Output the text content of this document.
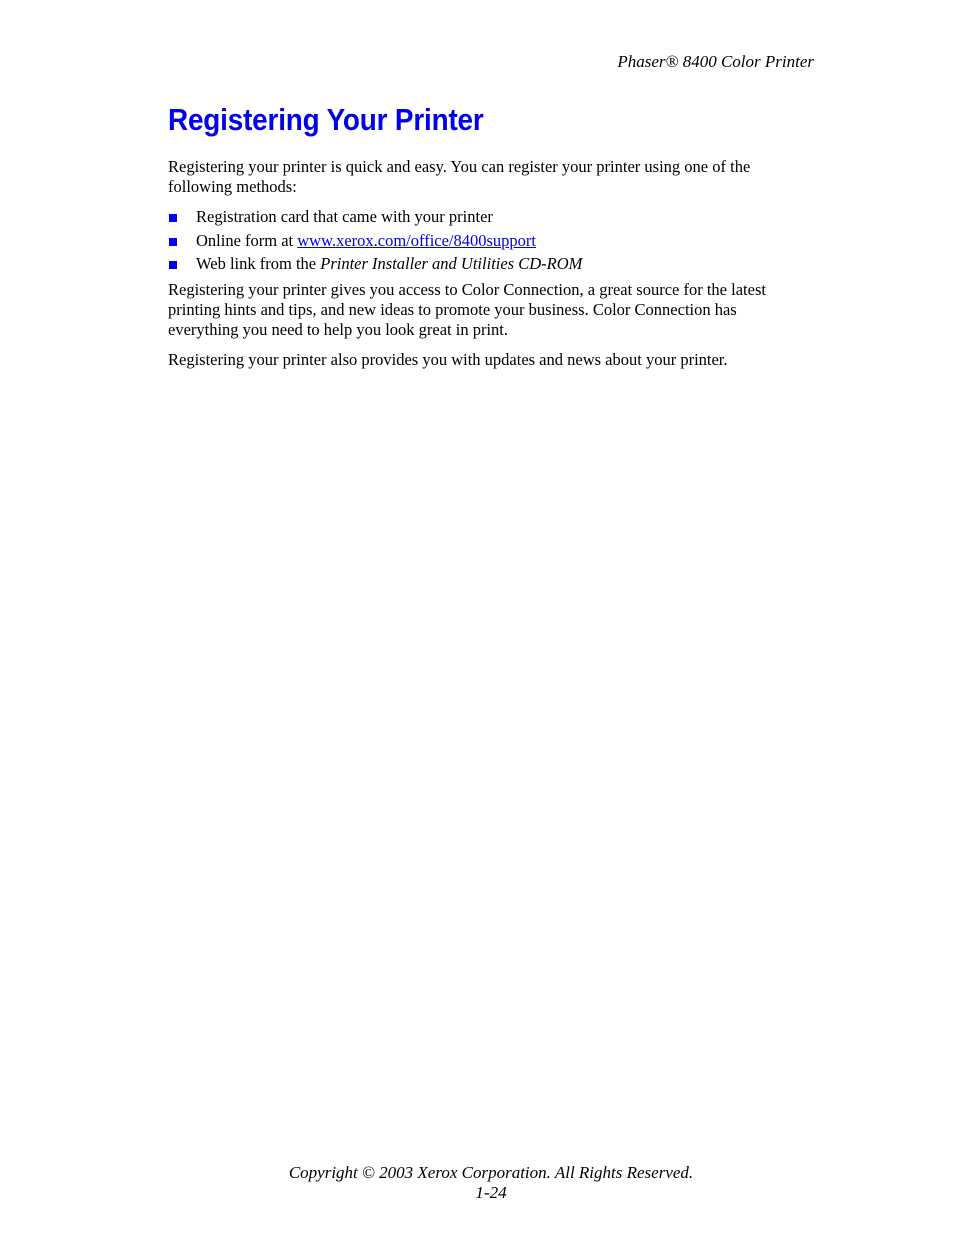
Phaser® 8400 Color Printer
Registering Your Printer

Registering your printer is quick and easy. You can register your printer using one of the following methods:

Registration card that came with your printer
Online form at www.xerox.com/office/8400support
Web link from the Printer Installer and Utilities CD-ROM

Registering your printer gives you access to Color Connection, a great source for the latest printing hints and tips, and new ideas to promote your business. Color Connection has everything you need to help you look great in print.

Registering your printer also provides you with updates and news about your printer.

Copyright © 2003 Xerox Corporation. All Rights Reserved.
1-24
